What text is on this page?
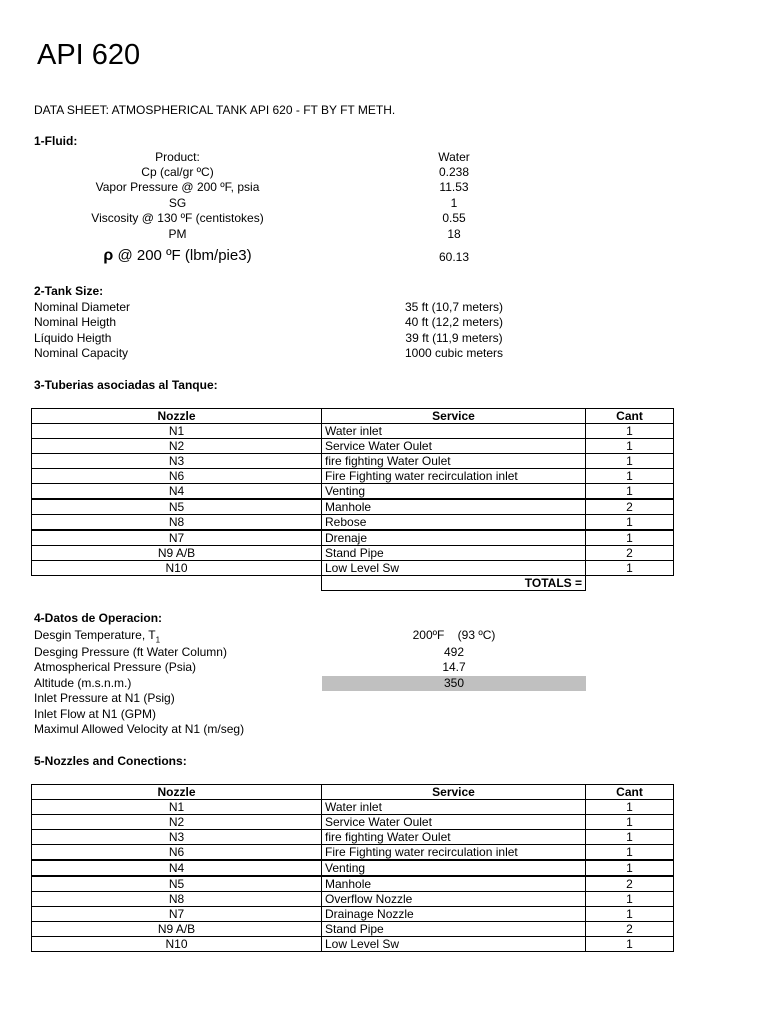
API 620
DATA SHEET: ATMOSPHERICAL TANK API 620 - FT BY FT METH.
1-Fluid:
Product:	Water
Cp (cal/gr ºC)	0.238
Vapor Pressure @ 200 ºF, psia	11.53
SG	1
Viscosity @ 130 ºF (centistokes)	0.55
PM	18
ρ @ 200 ºF (lbm/pie3)	60.13
2-Tank Size:
Nominal Diameter	35 ft (10,7 meters)
Nominal Heigth	40 ft (12,2 meters)
Líquido Heigth	39 ft (11,9 meters)
Nominal Capacity	1000 cubic meters
3-Tuberias asociadas al Tanque:
Nozzle	Service	Cant
N1	Water inlet	1
N2	Service Water Oulet	1
N3	fire fighting Water Oulet	1
N6	Fire Fighting water recirculation inlet	1
N4	Venting	1
N5	Manhole	2
N8	Rebose	1
N7	Drenaje	1
N9 A/B	Stand Pipe	2
N10	Low Level Sw	1
	TOTALS =	
4-Datos de Operacion:
Desgin Temperature, $T_1$	200ºF    (93 ºC)
Desging Pressure (ft Water Column)	492
Atmospherical Pressure (Psia)	14.7
Altitude (m.s.n.m.)	350
Inlet Pressure at N1 (Psig)
Inlet Flow at N1 (GPM)
Maximul Allowed Velocity at N1 (m/seg)
5-Nozzles and Conections:
Nozzle	Service	Cant
N1	Water inlet	1
N2	Service Water Oulet	1
N3	fire fighting Water Oulet	1
N6	Fire Fighting water recirculation inlet	1
N4	Venting	1
N5	Manhole	2
N8	Overflow Nozzle	1
N7	Drainage Nozzle	1
N9 A/B	Stand Pipe	2
N10	Low Level Sw	1
